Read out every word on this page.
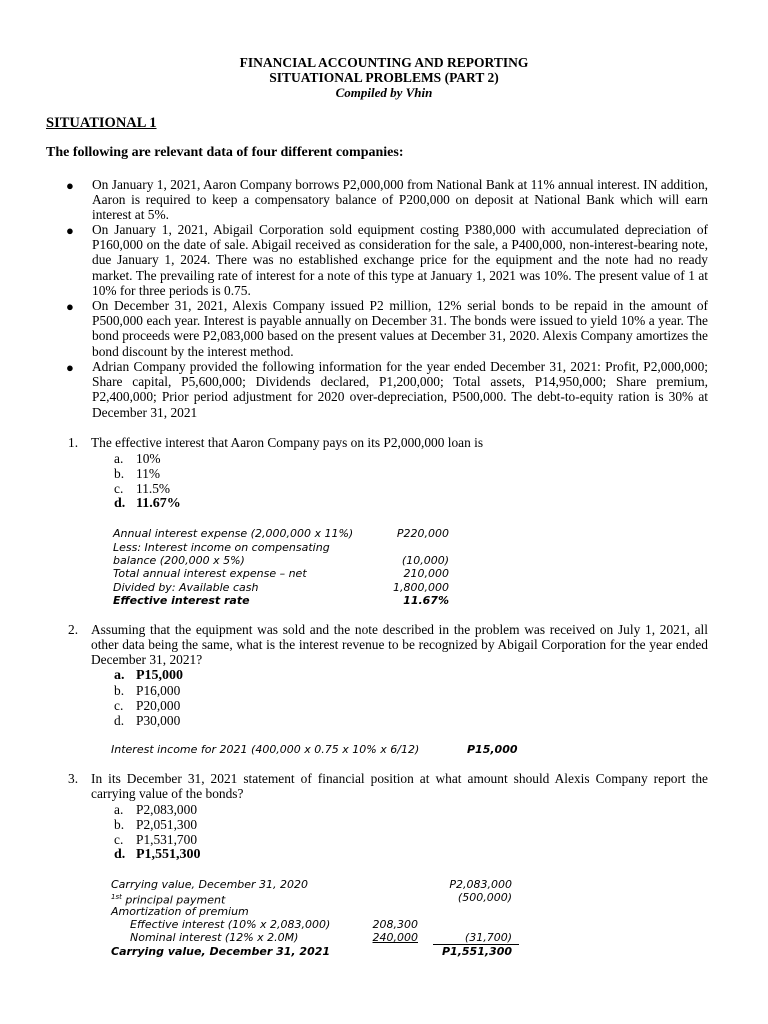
FINANCIAL ACCOUNTING AND REPORTING
SITUATIONAL PROBLEMS (PART 2)
Compiled by Vhin
SITUATIONAL 1
The following are relevant data of four different companies:
● On January 1, 2021, Aaron Company borrows P2,000,000 from National Bank at 11% annual interest. IN addition, Aaron is required to keep a compensatory balance of P200,000 on deposit at National Bank which will earn interest at 5%.
● On January 1, 2021, Abigail Corporation sold equipment costing P380,000 with accumulated depreciation of P160,000 on the date of sale. Abigail received as consideration for the sale, a P400,000, non-interest-bearing note, due January 1, 2024. There was no established exchange price for the equipment and the note had no ready market. The prevailing rate of interest for a note of this type at January 1, 2021 was 10%. The present value of 1 at 10% for three periods is 0.75.
● On December 31, 2021, Alexis Company issued P2 million, 12% serial bonds to be repaid in the amount of P500,000 each year. Interest is payable annually on December 31. The bonds were issued to yield 10% a year. The bond proceeds were P2,083,000 based on the present values at December 31, 2020. Alexis Company amortizes the bond discount by the interest method.
● Adrian Company provided the following information for the year ended December 31, 2021: Profit, P2,000,000; Share capital, P5,600,000; Dividends declared, P1,200,000; Total assets, P14,950,000; Share premium, P2,400,000; Prior period adjustment for 2020 over-depreciation, P500,000. The debt-to-equity ration is 30% at December 31, 2021
1. The effective interest that Aaron Company pays on its P2,000,000 loan is
a. 10%
b. 11%
c. 11.5%
d. 11.67%
Annual interest expense (2,000,000 x 11%)	P220,000
Less: Interest income on compensating
balance (200,000 x 5%)	(10,000)
Total annual interest expense – net	210,000
Divided by: Available cash	1,800,000
Effective interest rate	11.67%
2. Assuming that the equipment was sold and the note described in the problem was received on July 1, 2021, all other data being the same, what is the interest revenue to be recognized by Abigail Corporation for the year ended December 31, 2021?
a. P15,000
b. P16,000
c. P20,000
d. P30,000
Interest income for 2021 (400,000 x 0.75 x 10% x 6/12)	P15,000
3. In its December 31, 2021 statement of financial position at what amount should Alexis Company report the carrying value of the bonds?
a. P2,083,000
b. P2,051,300
c. P1,531,700
d. P1,551,300
Carrying value, December 31, 2020	P2,083,000
$^{1st}$ principal payment	(500,000)
Amortization of premium
Effective interest (10% x 2,083,000)	208,300
Nominal interest (12% x 2.0M)	240,000	(31,700)
Carrying value, December 31, 2021	P1,551,300
